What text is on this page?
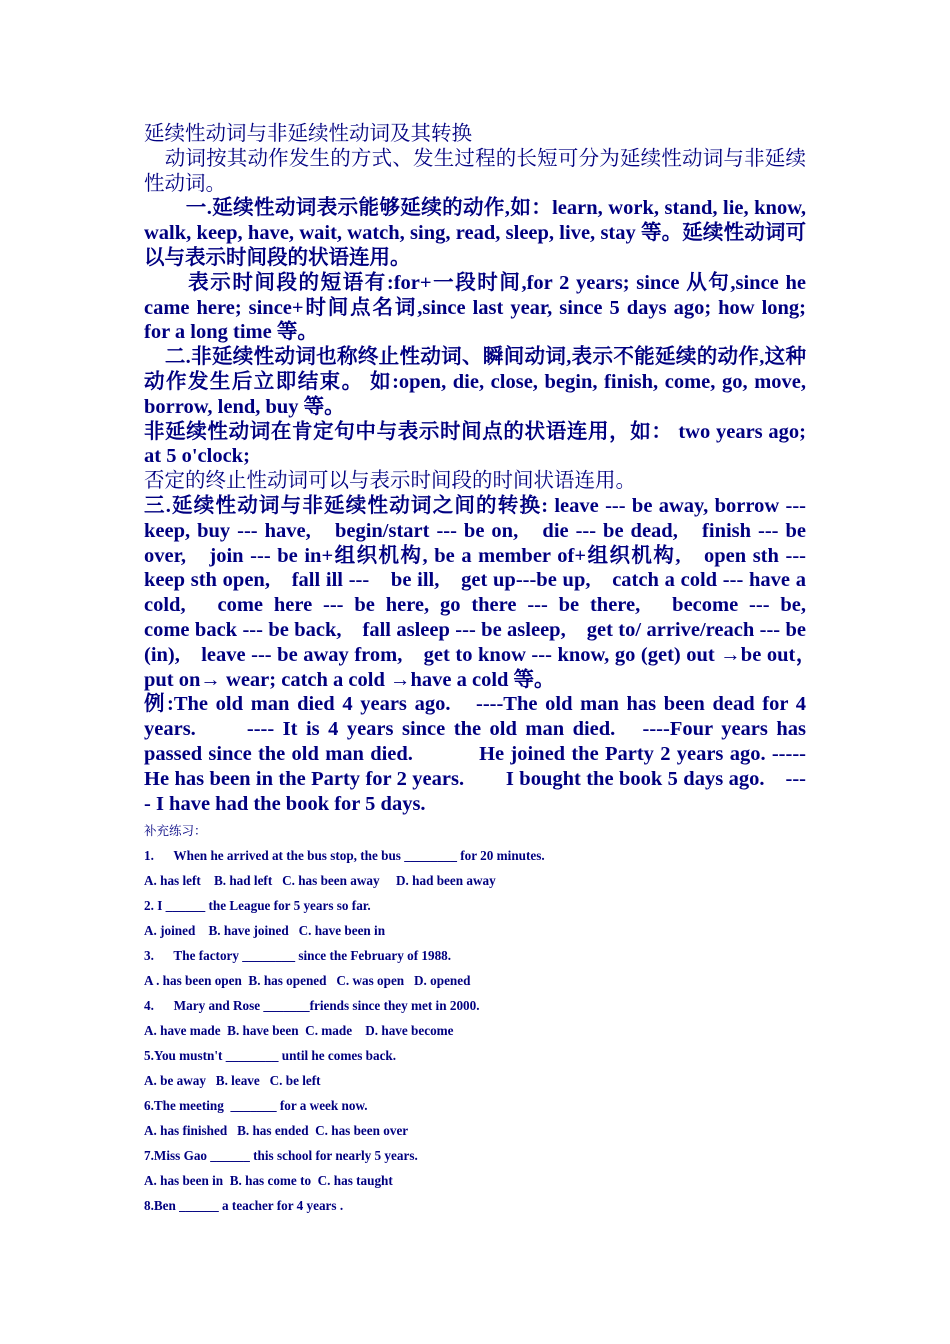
延续性动词与非延续性动词及其转换

　动词按其动作发生的方式、发生过程的长短可分为延续性动词与非延续性动词。

　　一.延续性动词表示能够延续的动作,如：learn, work, stand, lie, know, walk, keep, have, wait, watch, sing, read, sleep, live, stay 等。延续性动词可以与表示时间段的状语连用。

　　表示时间段的短语有:for+一段时间,for 2 years; since 从句,since he came here; since+时间点名词,since last year, since 5 days ago; how long; for a long time 等。

　二.非延续性动词也称终止性动词、瞬间动词,表示不能延续的动作,这种动作发生后立即结束。 如:open, die, close, begin, finish, come, go, move, borrow, lend, buy 等。

非延续性动词在肯定句中与表示时间点的状语连用，如： two years ago; at 5 o'clock;

否定的终止性动词可以与表示时间段的时间状语连用。

三.延续性动词与非延续性动词之间的转换: leave --- be away, borrow --- keep, buy --- have,　begin/start --- be on,　die --- be dead,　finish --- be over,　join --- be in+组织机构, be a member of+组织机构,　open sth --- keep sth open,　fall ill ---　be ill,　get up---be up,　catch a cold --- have a cold,　come here --- be here, go there --- be there,　become --- be,　　come back --- be back,　fall asleep --- be asleep,　get to/ arrive/reach --- be (in),　leave --- be away from,　get to know --- know, go (get) out →be out，　put on→ wear; catch a cold →have a cold 等。

例:The old man died 4 years ago.　----The old man has been dead for 4 years.　　---- It is 4 years since the old man died.　----Four years has passed since the old man died.　　　He joined the Party 2 years ago. -----He has been in the Party for 2 years.　　I bought the book 5 days ago.　---- I have had the book for 5 days.

补充练习：

1.      When he arrived at the bus stop, the bus ________ for 20 minutes.

A. has left    B. had left   C. has been away     D. had been away

2. I ______ the League for 5 years so far.

A. joined    B. have joined   C. have been in

3.      The factory ________ since the February of 1988.

A . has been open  B. has opened   C. was open   D. opened

4.      Mary and Rose _______friends since they met in 2000.

A. have made  B. have been  C. made    D. have become

5.You mustn't ________ until he comes back.

A. be away   B. leave   C. be left

6.The meeting  _______ for a week now.

A. has finished   B. has ended  C. has been over

7.Miss Gao ______ this school for nearly 5 years.

A. has been in  B. has come to  C. has taught

8.Ben ______ a teacher for 4 years .
